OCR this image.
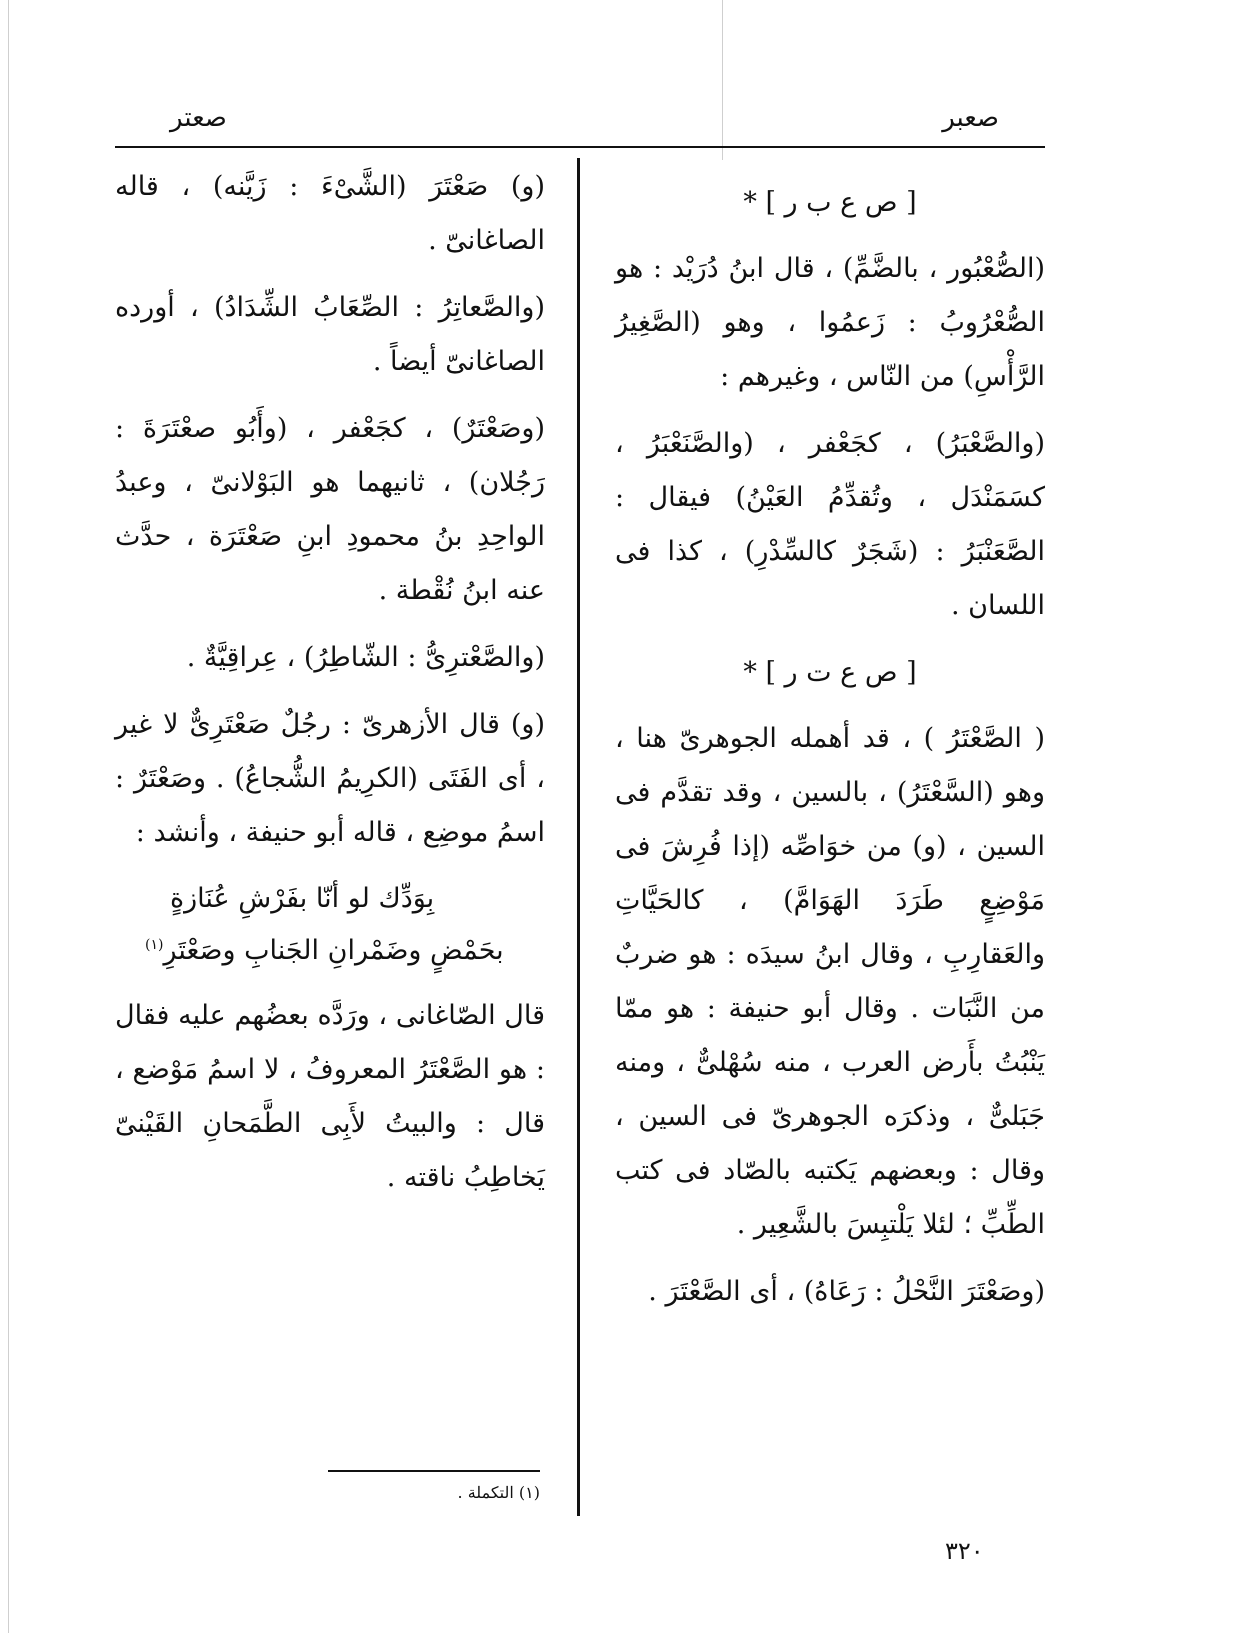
صعبر
صعتر

[ ص ع ب ر ] *

(الصُّعْبُور ، بالضَّمِّ) ، قال ابنُ دُرَيْد : هو الصُّعْرُوبُ : زَعمُوا ، وهو (الصَّغِيرُ الرَّأْسِ) من النّاس ، وغيرهم :

(والصَّعْبَرُ) ، كجَعْفر ، (والصَّنَعْبَرُ ، كسَمَنْدَل ، وتُقدِّمُ العَيْنُ) فيقال : الصَّعَنْبَرُ : (شَجَرٌ كالسِّدْرِ) ، كذا فى اللسان .

[ ص ع ت ر ] *

( الصَّعْتَرُ ) ، قد أهمله الجوهرىّ هنا ، وهو (السَّعْتَرُ) ، بالسين ، وقد تقدَّم فى السين ، (و) من خوَاصِّه (إذا فُرِشَ فى مَوْضِعٍ طَرَدَ الهَوَامَّ) ، كالحَيَّاتِ والعَقارِبِ ، وقال ابنُ سيدَه : هو ضربٌ من النَّبَات . وقال أبو حنيفة : هو ممّا يَنْبُتُ بأَرض العرب ، منه سُهْلىٌّ ، ومنه جَبَلىٌّ ، وذكرَه الجوهرىّ فى السين ، وقال : وبعضهم يَكتبه بالصّاد فى كتب الطِّبِّ ؛ لئلا يَلْتبِسَ بالشَّعِير .

(وصَعْتَرَ النَّحْلُ : رَعَاهُ) ، أى الصَّعْتَرَ .

(و) صَعْتَرَ (الشَّىْءَ : زَيَّنه) ، قاله الصاغانىّ .

(والصَّعاتِرُ : الصِّعَابُ الشِّدَادُ) ، أورده الصاغانىّ أيضاً .

(وصَعْتَرٌ) ، كجَعْفر ، (وأَبُو صعْتَرَةَ : رَجُلان) ، ثانيهما هو البَوْلانىّ ، وعبدُ الواحِدِ بنُ محمودِ ابنِ صَعْتَرَة ، حدَّث عنه ابنُ نُقْطة .

(والصَّعْترِىُّ : الشّاطِرُ) ، عِراقِيَّةٌ .

(و) قال الأزهرىّ : رجُلٌ صَعْتَرِىٌّ لا غير ، أى الفَتَى (الكرِيمُ الشُّجاعُ) . وصَعْتَرٌ : اسمُ موضِع ، قاله أبو حنيفة ، وأنشد :

بِوَدِّك لو أنّا بفَرْشِ عُنَازةٍ
بحَمْضٍ وضَمْرانِ الجَنابِ وصَعْتَرِ$^{(١)}$

قال الصّاغانى ، ورَدَّه بعضُهم عليه فقال : هو الصَّعْتَرُ المعروفُ ، لا اسمُ مَوْضع ، قال : والبيتُ لأَبِى الطَّمَحانِ القَيْنىّ يَخاطِبُ ناقته .

(١) التكملة .
٣٢٠
